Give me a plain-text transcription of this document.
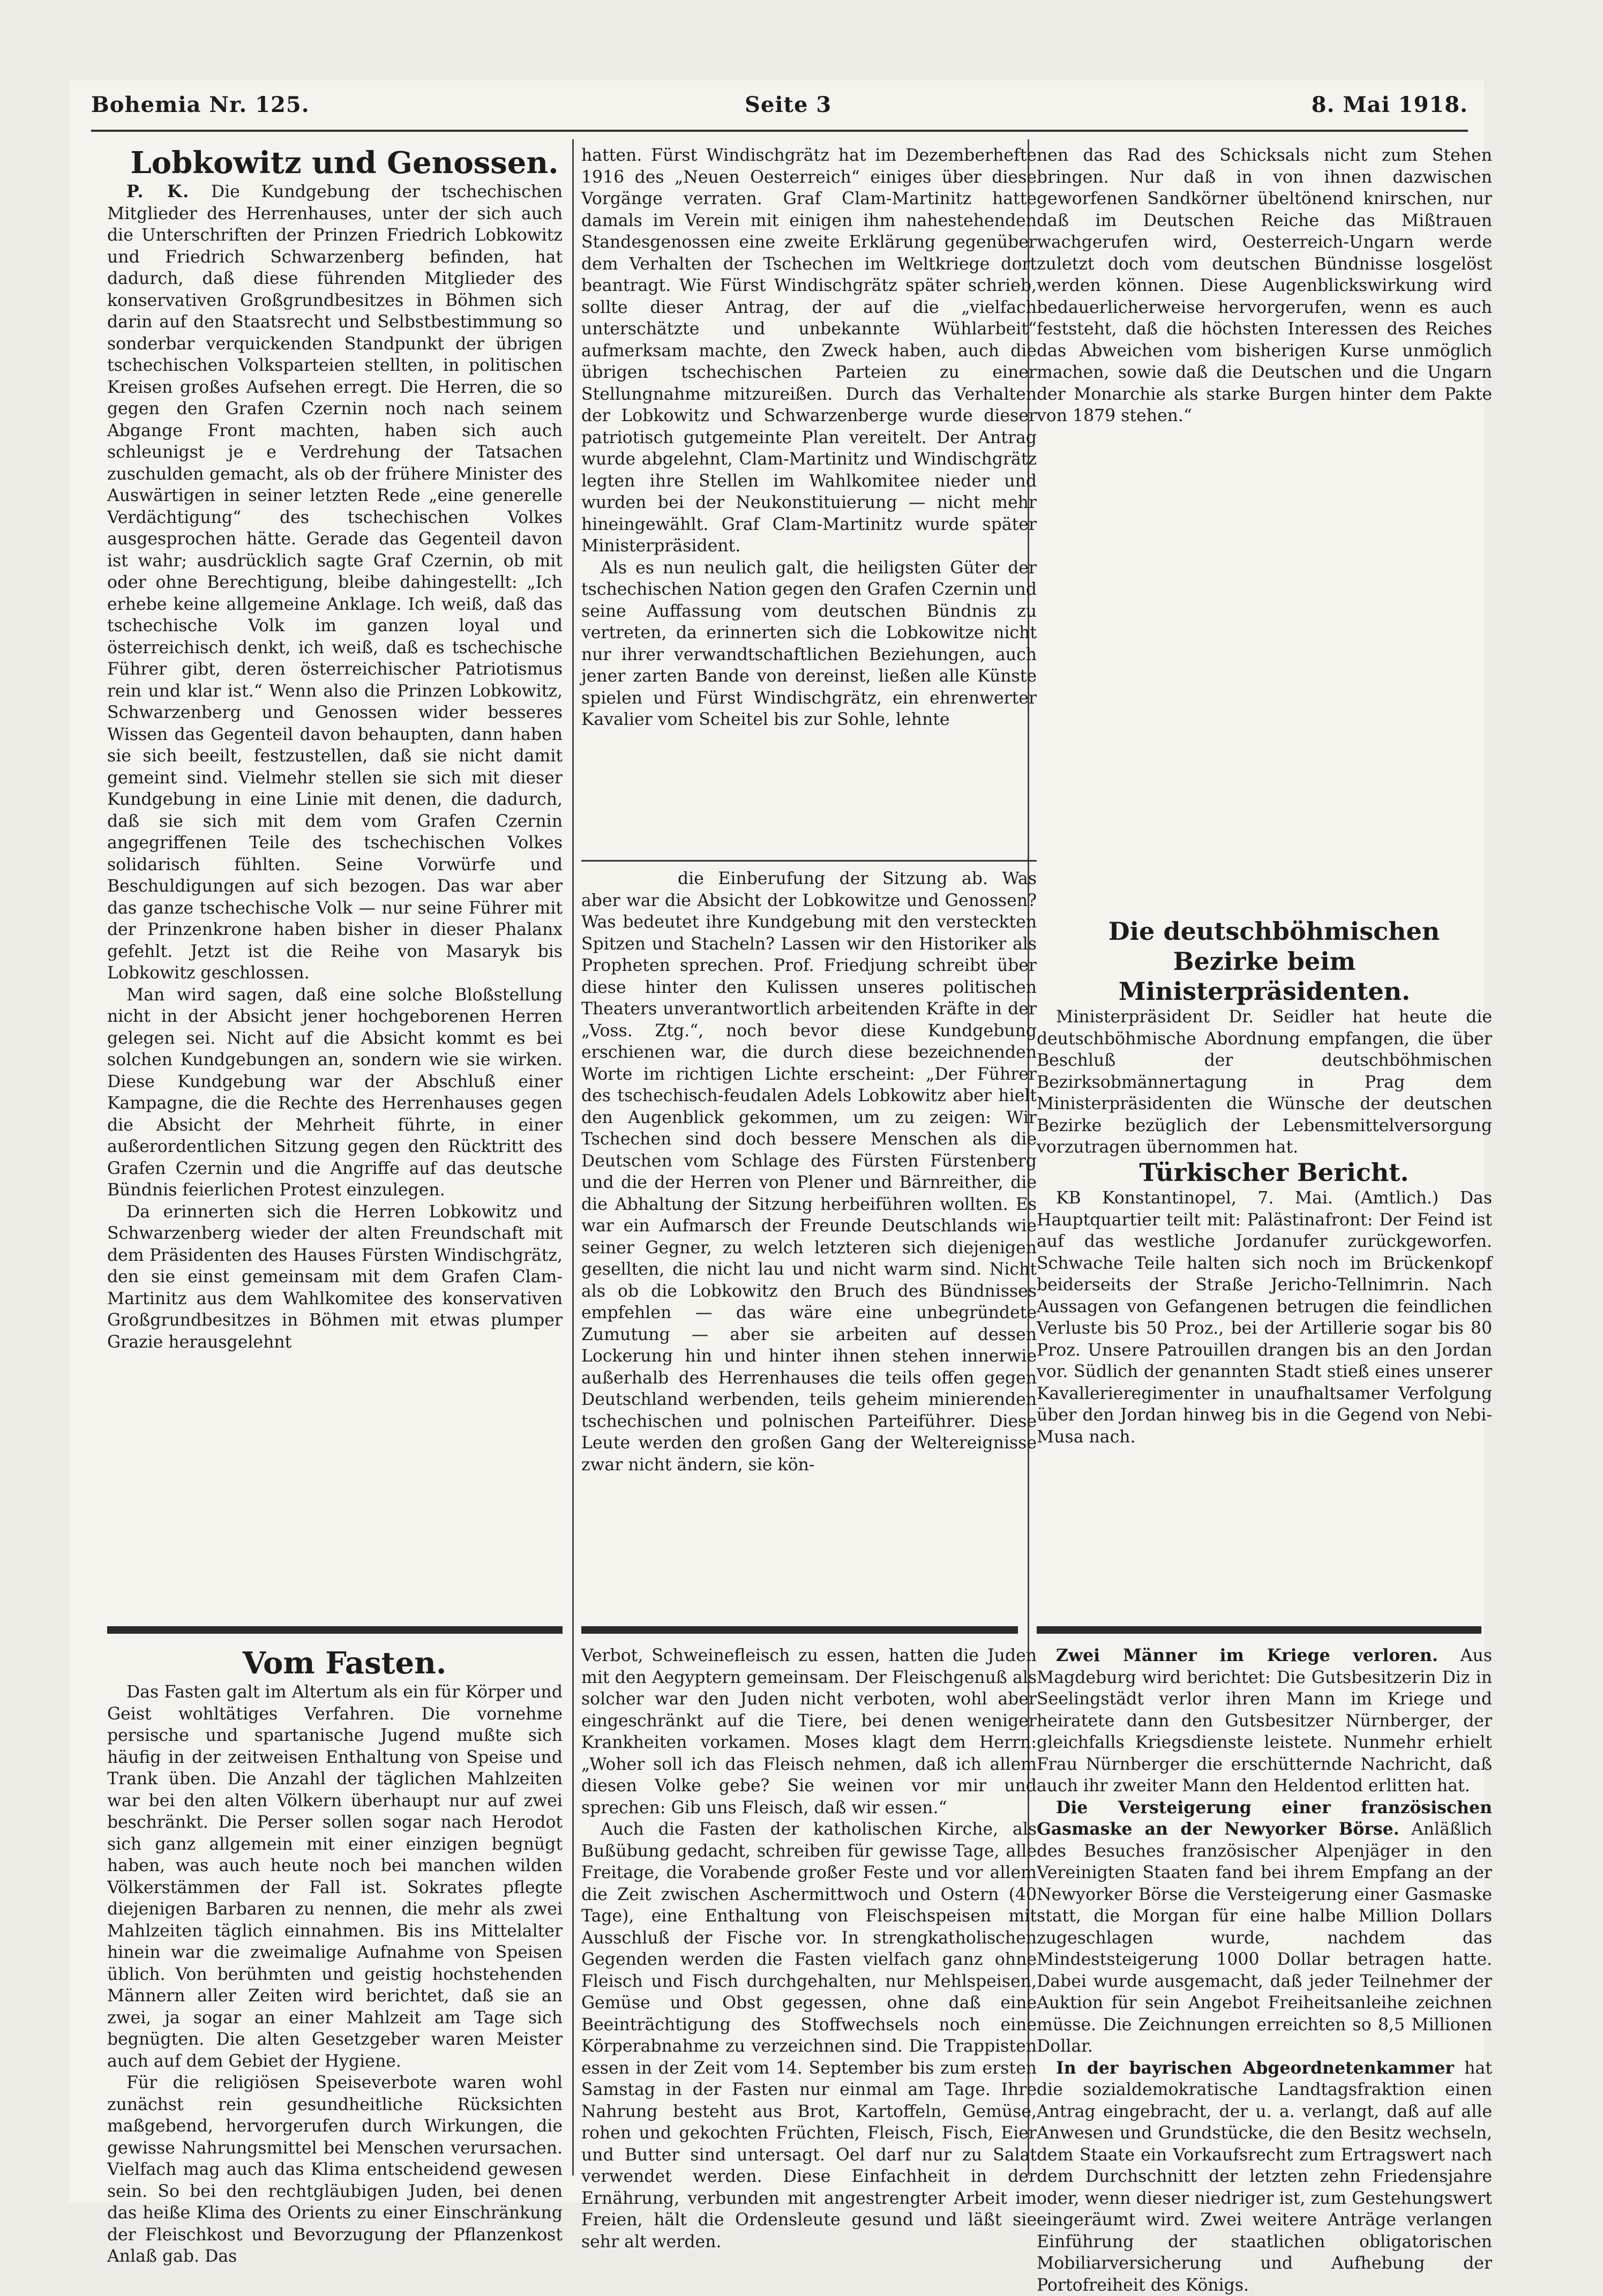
Bohemia Nr. 125.	Seite 3	8. Mai 1918.

Lobkowitz und Genossen.

P. K. Die Kundgebung der tschechischen Mitglieder des Herrenhauses, unter der sich auch die Unterschriften der Prinzen Friedrich Lobkowitz und Friedrich Schwarzenberg befinden, hat dadurch, daß diese führenden Mitglieder des konservativen Großgrundbesitzes in Böhmen sich darin auf den Staatsrecht und Selbstbestimmung so sonderbar verquickenden Standpunkt der übrigen tschechischen Volksparteien stellten, in politischen Kreisen großes Aufsehen erregt. Die Herren, die so gegen den Grafen Czernin noch nach seinem Abgange Front machten, haben sich auch schleunigst je e Verdrehung der Tatsachen zuschulden gemacht, als ob der frühere Minister des Auswärtigen in seiner letzten Rede „eine generelle Verdächtigung“ des tschechischen Volkes ausgesprochen hätte. Gerade das Gegenteil davon ist wahr; ausdrücklich sagte Graf Czernin, ob mit oder ohne Berechtigung, bleibe dahingestellt: „Ich erhebe keine allgemeine Anklage. Ich weiß, daß das tschechische Volk im ganzen loyal und österreichisch denkt, ich weiß, daß es tschechische Führer gibt, deren österreichischer Patriotismus rein und klar ist.“ Wenn also die Prinzen Lobkowitz, Schwarzenberg und Genossen wider besseres Wissen das Gegenteil davon behaupten, dann haben sie sich beeilt, festzustellen, daß sie nicht damit gemeint sind. Vielmehr stellen sie sich mit dieser Kundgebung in eine Linie mit denen, die dadurch, daß sie sich mit dem vom Grafen Czernin angegriffenen Teile des tschechischen Volkes solidarisch fühlten. Seine Vorwürfe und Beschuldigungen auf sich bezogen. Das war aber das ganze tschechische Volk — nur seine Führer mit der Prinzenkrone haben bisher in dieser Phalanx gefehlt. Jetzt ist die Reihe von Masaryk bis Lobkowitz geschlossen.

Man wird sagen, daß eine solche Bloßstellung nicht in der Absicht jener hochgeborenen Herren gelegen sei. Nicht auf die Absicht kommt es bei solchen Kundgebungen an, sondern wie sie wirken. Diese Kundgebung war der Abschluß einer Kampagne, die die Rechte des Herrenhauses gegen die Absicht der Mehrheit führte, in einer außerordentlichen Sitzung gegen den Rücktritt des Grafen Czernin und die Angriffe auf das deutsche Bündnis feierlichen Protest einzulegen.

Da erinnerten sich die Herren Lobkowitz und Schwarzenberg wieder der alten Freundschaft mit dem Präsidenten des Hauses Fürsten Windischgrätz, den sie einst gemeinsam mit dem Grafen Clam-Martinitz aus dem Wahlkomitee des konservativen Großgrundbesitzes in Böhmen mit etwas plumper Grazie herausgelehnt

hatten. Fürst Windischgrätz hat im Dezemberhefte 1916 des „Neuen Oesterreich“ einiges über diese Vorgänge verraten. Graf Clam-Martinitz hatte damals im Verein mit einigen ihm nahestehenden Standesgenossen eine zweite Erklärung gegenüber dem Verhalten der Tschechen im Weltkriege dort beantragt. Wie Fürst Windischgrätz später schrieb, sollte dieser Antrag, der auf die „vielfach unterschätzte und unbekannte Wühlarbeit“ aufmerksam machte, den Zweck haben, auch die übrigen tschechischen Parteien zu einer Stellungnahme mitzureißen. Durch das Verhalten der Lobkowitz und Schwarzenberge wurde dieser patriotisch gutgemeinte Plan vereitelt. Der Antrag wurde abgelehnt, Clam-Martinitz und Windischgrätz legten ihre Stellen im Wahlkomitee nieder und wurden bei der Neukonstituierung — nicht mehr hineingewählt. Graf Clam-Martinitz wurde später Ministerpräsident.

Als es nun neulich galt, die heiligsten Güter der tschechischen Nation gegen den Grafen Czernin und seine Auffassung vom deutschen Bündnis zu vertreten, da erinnerten sich die Lobkowitze nicht nur ihrer verwandtschaftlichen Beziehungen, auch jener zarten Bande von dereinst, ließen alle Künste spielen und Fürst Windischgrätz, ein ehrenwerter Kavalier vom Scheitel bis zur Sohle, lehnte

die Einberufung der Sitzung ab. Was aber war die Absicht der Lobkowitze und Genossen? Was bedeutet ihre Kundgebung mit den versteckten Spitzen und Stacheln? Lassen wir den Historiker als Propheten sprechen. Prof. Friedjung schreibt über diese hinter den Kulissen unseres politischen Theaters unverantwortlich arbeitenden Kräfte in der „Voss. Ztg.“, noch bevor diese Kundgebung erschienen war, die durch diese bezeichnenden Worte im richtigen Lichte erscheint: „Der Führer des tschechisch-feudalen Adels Lobkowitz aber hielt den Augenblick gekommen, um zu zeigen: Wir Tschechen sind doch bessere Menschen als die Deutschen vom Schlage des Fürsten Fürstenberg und die der Herren von Plener und Bärnreither, die die Abhaltung der Sitzung herbeiführen wollten. Es war ein Aufmarsch der Freunde Deutschlands wie seiner Gegner, zu welch letzteren sich diejenigen gesellten, die nicht lau und nicht warm sind. Nicht als ob die Lobkowitz den Bruch des Bündnisses empfehlen — das wäre eine unbegründete Zumutung — aber sie arbeiten auf dessen Lockerung hin und hinter ihnen stehen innerwie außerhalb des Herrenhauses die teils offen gegen Deutschland werbenden, teils geheim minierenden tschechischen und polnischen Parteiführer. Diese Leute werden den großen Gang der Weltereignisse zwar nicht ändern, sie kön-

nen das Rad des Schicksals nicht zum Stehen bringen. Nur daß in von ihnen dazwischen geworfenen Sandkörner übeltönend knirschen, nur daß im Deutschen Reiche das Mißtrauen wachgerufen wird, Oesterreich-Ungarn werde zuletzt doch vom deutschen Bündnisse losgelöst werden können. Diese Augenblickswirkung wird bedauerlicherweise hervorgerufen, wenn es auch feststeht, daß die höchsten Interessen des Reiches das Abweichen vom bisherigen Kurse unmöglich machen, sowie daß die Deutschen und die Ungarn der Monarchie als starke Burgen hinter dem Pakte von 1879 stehen.“

Die deutschböhmischen Bezirke beim Ministerpräsidenten.

Ministerpräsident Dr. Seidler hat heute die deutschböhmische Abordnung empfangen, die über Beschluß der deutschböhmischen Bezirksobmännertagung in Prag dem Ministerpräsidenten die Wünsche der deutschen Bezirke bezüglich der Lebensmittelversorgung vorzutragen übernommen hat.

Türkischer Bericht.

KB Konstantinopel, 7. Mai. (Amtlich.) Das Hauptquartier teilt mit: Palästinafront: Der Feind ist auf das westliche Jordanufer zurückgeworfen. Schwache Teile halten sich noch im Brückenkopf beiderseits der Straße Jericho-Tellnimrin. Nach Aussagen von Gefangenen betrugen die feindlichen Verluste bis 50 Proz., bei der Artillerie sogar bis 80 Proz. Unsere Patrouillen drangen bis an den Jordan vor. Südlich der genannten Stadt stieß eines unserer Kavallerieregimenter in unaufhaltsamer Verfolgung über den Jordan hinweg bis in die Gegend von Nebi-Musa nach.

Vom Fasten.

Das Fasten galt im Altertum als ein für Körper und Geist wohltätiges Verfahren. Die vornehme persische und spartanische Jugend mußte sich häufig in der zeitweisen Enthaltung von Speise und Trank üben. Die Anzahl der täglichen Mahlzeiten war bei den alten Völkern überhaupt nur auf zwei beschränkt. Die Perser sollen sogar nach Herodot sich ganz allgemein mit einer einzigen begnügt haben, was auch heute noch bei manchen wilden Völkerstämmen der Fall ist. Sokrates pflegte diejenigen Barbaren zu nennen, die mehr als zwei Mahlzeiten täglich einnahmen. Bis ins Mittelalter hinein war die zweimalige Aufnahme von Speisen üblich. Von berühmten und geistig hochstehenden Männern aller Zeiten wird berichtet, daß sie an zwei, ja sogar an einer Mahlzeit am Tage sich begnügten. Die alten Gesetzgeber waren Meister auch auf dem Gebiet der Hygiene.

Für die religiösen Speiseverbote waren wohl zunächst rein gesundheitliche Rücksichten maßgebend, hervorgerufen durch Wirkungen, die gewisse Nahrungsmittel bei Menschen verursachen. Vielfach mag auch das Klima entscheidend gewesen sein. So bei den rechtgläubigen Juden, bei denen das heiße Klima des Orients zu einer Einschränkung der Fleischkost und Bevorzugung der Pflanzenkost Anlaß gab. Das

Verbot, Schweinefleisch zu essen, hatten die Juden mit den Aegyptern gemeinsam. Der Fleischgenuß als solcher war den Juden nicht verboten, wohl aber eingeschränkt auf die Tiere, bei denen weniger Krankheiten vorkamen. Moses klagt dem Herrn: „Woher soll ich das Fleisch nehmen, daß ich allem diesen Volke gebe? Sie weinen vor mir und sprechen: Gib uns Fleisch, daß wir essen.“

Auch die Fasten der katholischen Kirche, als Bußübung gedacht, schreiben für gewisse Tage, alle Freitage, die Vorabende großer Feste und vor allem die Zeit zwischen Aschermittwoch und Ostern (40 Tage), eine Enthaltung von Fleischspeisen mit Ausschluß der Fische vor. In strengkatholischen Gegenden werden die Fasten vielfach ganz ohne Fleisch und Fisch durchgehalten, nur Mehlspeisen, Gemüse und Obst gegessen, ohne daß eine Beeinträchtigung des Stoffwechsels noch eine Körperabnahme zu verzeichnen sind. Die Trappisten essen in der Zeit vom 14. September bis zum ersten Samstag in der Fasten nur einmal am Tage. Ihre Nahrung besteht aus Brot, Kartoffeln, Gemüse, rohen und gekochten Früchten, Fleisch, Fisch, Eier und Butter sind untersagt. Oel darf nur zu Salat verwendet werden. Diese Einfachheit in der Ernährung, verbunden mit angestrengter Arbeit im Freien, hält die Ordensleute gesund und läßt sie sehr alt werden.

Zwei Männer im Kriege verloren. Aus Magdeburg wird berichtet: Die Gutsbesitzerin Diz in Seelingstädt verlor ihren Mann im Kriege und heiratete dann den Gutsbesitzer Nürnberger, der gleichfalls Kriegsdienste leistete. Nunmehr erhielt Frau Nürnberger die erschütternde Nachricht, daß auch ihr zweiter Mann den Heldentod erlitten hat.

Die Versteigerung einer französischen Gasmaske an der Newyorker Börse. Anläßlich des Besuches französischer Alpenjäger in den Vereinigten Staaten fand bei ihrem Empfang an der Newyorker Börse die Versteigerung einer Gasmaske statt, die Morgan für eine halbe Million Dollars zugeschlagen wurde, nachdem das Mindeststeigerung 1000 Dollar betragen hatte. Dabei wurde ausgemacht, daß jeder Teilnehmer der Auktion für sein Angebot Freiheitsanleihe zeichnen müsse. Die Zeichnungen erreichten so 8,5 Millionen Dollar.

In der bayrischen Abgeordnetenkammer hat die sozialdemokratische Landtagsfraktion einen Antrag eingebracht, der u. a. verlangt, daß auf alle Anwesen und Grundstücke, die den Besitz wechseln, dem Staate ein Vorkaufsrecht zum Ertragswert nach dem Durchschnitt der letzten zehn Friedensjahre oder, wenn dieser niedriger ist, zum Gestehungswert eingeräumt wird. Zwei weitere Anträge verlangen Einführung der staatlichen obligatorischen Mobiliarversicherung und Aufhebung der Portofreiheit des Königs.
